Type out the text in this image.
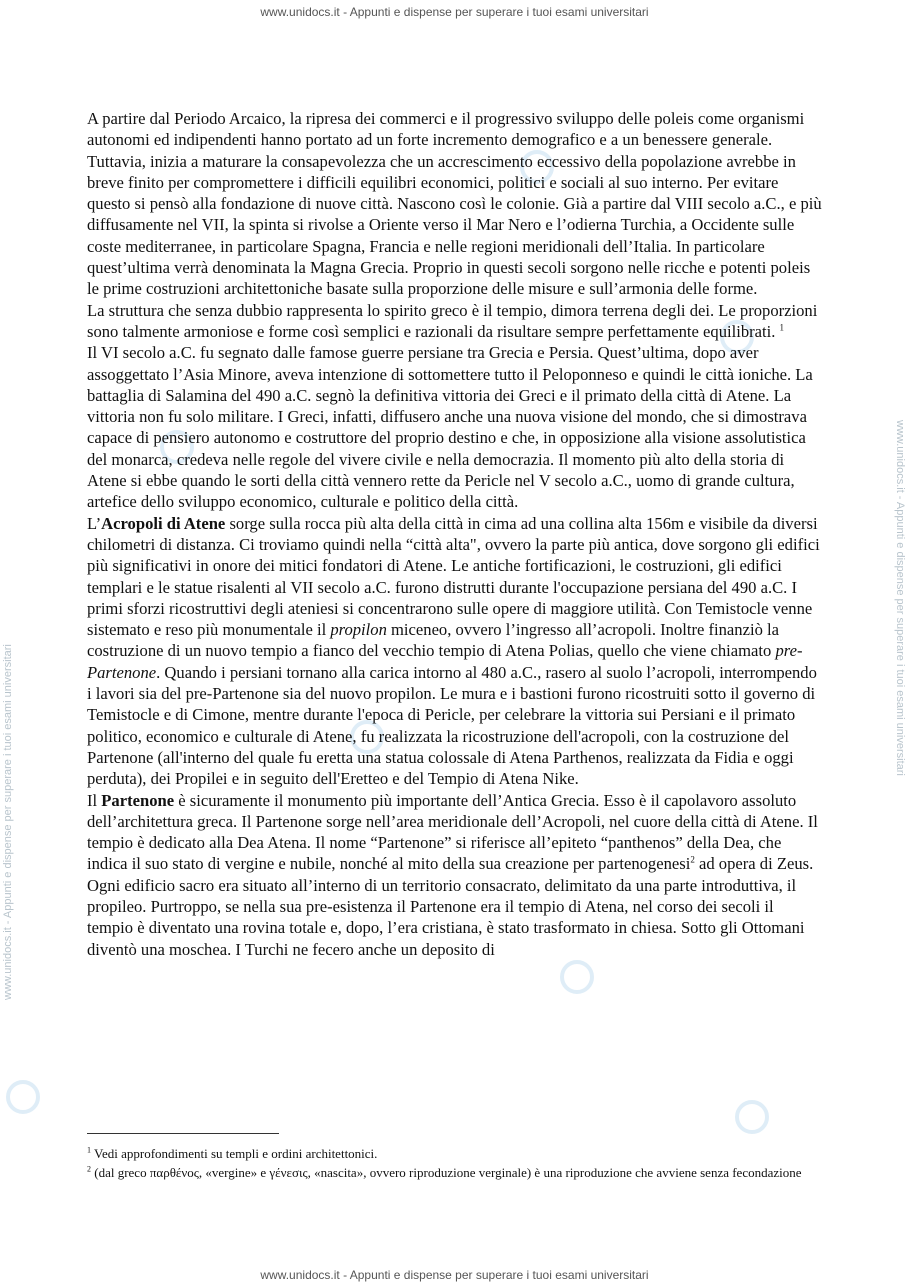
www.unidocs.it - Appunti e dispense per superare i tuoi esami universitari
www.unidocs.it - Appunti e dispense per superare i tuoi esami universitari
www.unidocs.it - Appunti e dispense per superare i tuoi esami universitari

A partire dal Periodo Arcaico, la ripresa dei commerci e il progressivo sviluppo delle poleis come organismi autonomi ed indipendenti hanno portato ad un forte incremento demografico e a un benessere generale. Tuttavia, inizia a maturare la consapevolezza che un accrescimento eccessivo della popolazione avrebbe in breve finito per compromettere i difficili equilibri economici, politici e sociali al suo interno. Per evitare questo si pensò alla fondazione di nuove città. Nascono così le colonie. Già a partire dal VIII secolo a.C., e più diffusamente nel VII, la spinta si rivolse a Oriente verso il Mar Nero e l’odierna Turchia, a Occidente sulle coste mediterranee, in particolare Spagna, Francia e nelle regioni meridionali dell’Italia. In particolare quest’ultima verrà denominata la Magna Grecia. Proprio in questi secoli sorgono nelle ricche e potenti poleis le prime costruzioni architettoniche basate sulla proporzione delle misure e sull’armonia delle forme.

La struttura che senza dubbio rappresenta lo spirito greco è il tempio, dimora terrena degli dei. Le proporzioni sono talmente armoniose e forme così semplici e razionali da risultare sempre perfettamente equilibrati. $^1$

Il VI secolo a.C. fu segnato dalle famose guerre persiane tra Grecia e Persia. Quest’ultima, dopo aver assoggettato l’Asia Minore, aveva intenzione di sottomettere tutto il Peloponneso e quindi le città ioniche. La battaglia di Salamina del 490 a.C. segnò la definitiva vittoria dei Greci e il primato della città di Atene. La vittoria non fu solo militare. I Greci, infatti, diffusero anche una nuova visione del mondo, che si dimostrava capace di pensiero autonomo e costruttore del proprio destino e che, in opposizione alla visione assolutistica del monarca, credeva nelle regole del vivere civile e nella democrazia. Il momento più alto della storia di Atene si ebbe quando le sorti della città vennero rette da Pericle nel V secolo a.C., uomo di grande cultura, artefice dello sviluppo economico, culturale e politico della città.

L’Acropoli di Atene sorge sulla rocca più alta della città in cima ad una collina alta 156m e visibile da diversi chilometri di distanza. Ci troviamo quindi nella “città alta", ovvero la parte più antica, dove sorgono gli edifici più significativi in onore dei mitici fondatori di Atene. Le antiche fortificazioni, le costruzioni, gli edifici templari e le statue risalenti al VII secolo a.C. furono distrutti durante l'occupazione persiana del 490 a.C. I primi sforzi ricostruttivi degli ateniesi si concentrarono sulle opere di maggiore utilità. Con Temistocle venne sistemato e reso più monumentale il propilon miceneo, ovvero l’ingresso all’acropoli. Inoltre finanziò la costruzione di un nuovo tempio a fianco del vecchio tempio di Atena Polias, quello che viene chiamato pre-Partenone. Quando i persiani tornano alla carica intorno al 480 a.C., rasero al suolo l’acropoli, interrompendo i lavori sia del pre-Partenone sia del nuovo propilon. Le mura e i bastioni furono ricostruiti sotto il governo di Temistocle e di Cimone, mentre durante l'epoca di Pericle, per celebrare la vittoria sui Persiani e il primato politico, economico e culturale di Atene, fu realizzata la ricostruzione dell'acropoli, con la costruzione del Partenone (all'interno del quale fu eretta una statua colossale di Atena Parthenos, realizzata da Fidia e oggi perduta), dei Propilei e in seguito dell'Eretteo e del Tempio di Atena Nike.

Il Partenone è sicuramente il monumento più importante dell’Antica Grecia. Esso è il capolavoro assoluto dell’architettura greca. Il Partenone sorge nell’area meridionale dell’Acropoli, nel cuore della città di Atene. Il tempio è dedicato alla Dea Atena. Il nome “Partenone” si riferisce all’epiteto “panthenos” della Dea, che indica il suo stato di vergine e nubile, nonché al mito della sua creazione per partenogenesi$^2$ ad opera di Zeus. Ogni edificio sacro era situato all’interno di un territorio consacrato, delimitato da una parte introduttiva, il propileo. Purtroppo, se nella sua pre-esistenza il Partenone era il tempio di Atena, nel corso dei secoli il tempio è diventato una rovina totale e, dopo, l’era cristiana, è stato trasformato in chiesa. Sotto gli Ottomani diventò una moschea. I Turchi ne fecero anche un deposito di

$^1$ Vedi approfondimenti su templi e ordini architettonici.

$^2$ (dal greco παρθένος, «vergine» e γένεσις, «nascita», ovvero riproduzione verginale) è una riproduzione che avviene senza fecondazione

www.unidocs.it - Appunti e dispense per superare i tuoi esami universitari
